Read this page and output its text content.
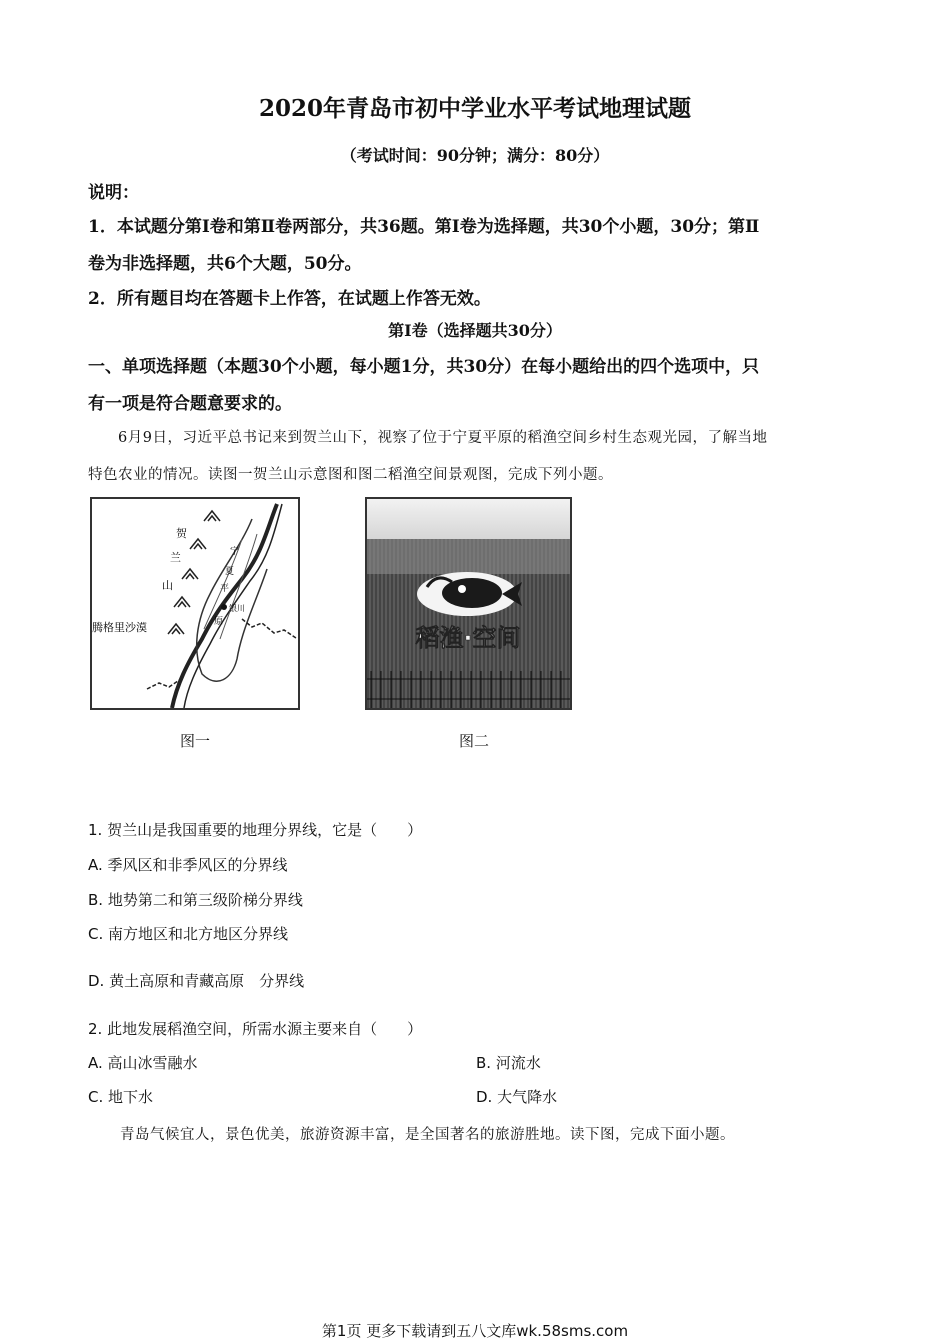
2020年青岛市初中学业水平考试地理试题
（考试时间：90分钟；满分：80分）
说明：
1．本试题分第Ⅰ卷和第Ⅱ卷两部分，共36题。第Ⅰ卷为选择题，共30个小题，30分；第Ⅱ
卷为非选择题，共6个大题，50分。
2．所有题目均在答题卡上作答，在试题上作答无效。
第Ⅰ卷（选择题共30分）
一、单项选择题（本题30个小题，每小题1分，共30分）在每小题给出的四个选项中，只
有一项是符合题意要求的。
6月9日，习近平总书记来到贺兰山下，视察了位于宁夏平原的稻渔空间乡村生态观光园，了解当地
特色农业的情况。读图一贺兰山示意图和图二稻渔空间景观图，完成下列小题。
贺
兰
山
腾格里沙漠
宁
夏
平
原
银川
图一
稻渔·空间
图二
1. 贺兰山是我国重要的地理分界线，它是（　　）
A. 季风区和非季风区的分界线
B. 地势第二和第三级阶梯分界线
C. 南方地区和北方地区分界线
D. 黄土高原和青藏高原　分界线
2. 此地发展稻渔空间，所需水源主要来自（　　）
A. 高山冰雪融水	B. 河流水
C. 地下水	D. 大气降水
青岛气候宜人，景色优美，旅游资源丰富，是全国著名的旅游胜地。读下图，完成下面小题。
第1页 更多下载请到五八文库wk.58sms.com
